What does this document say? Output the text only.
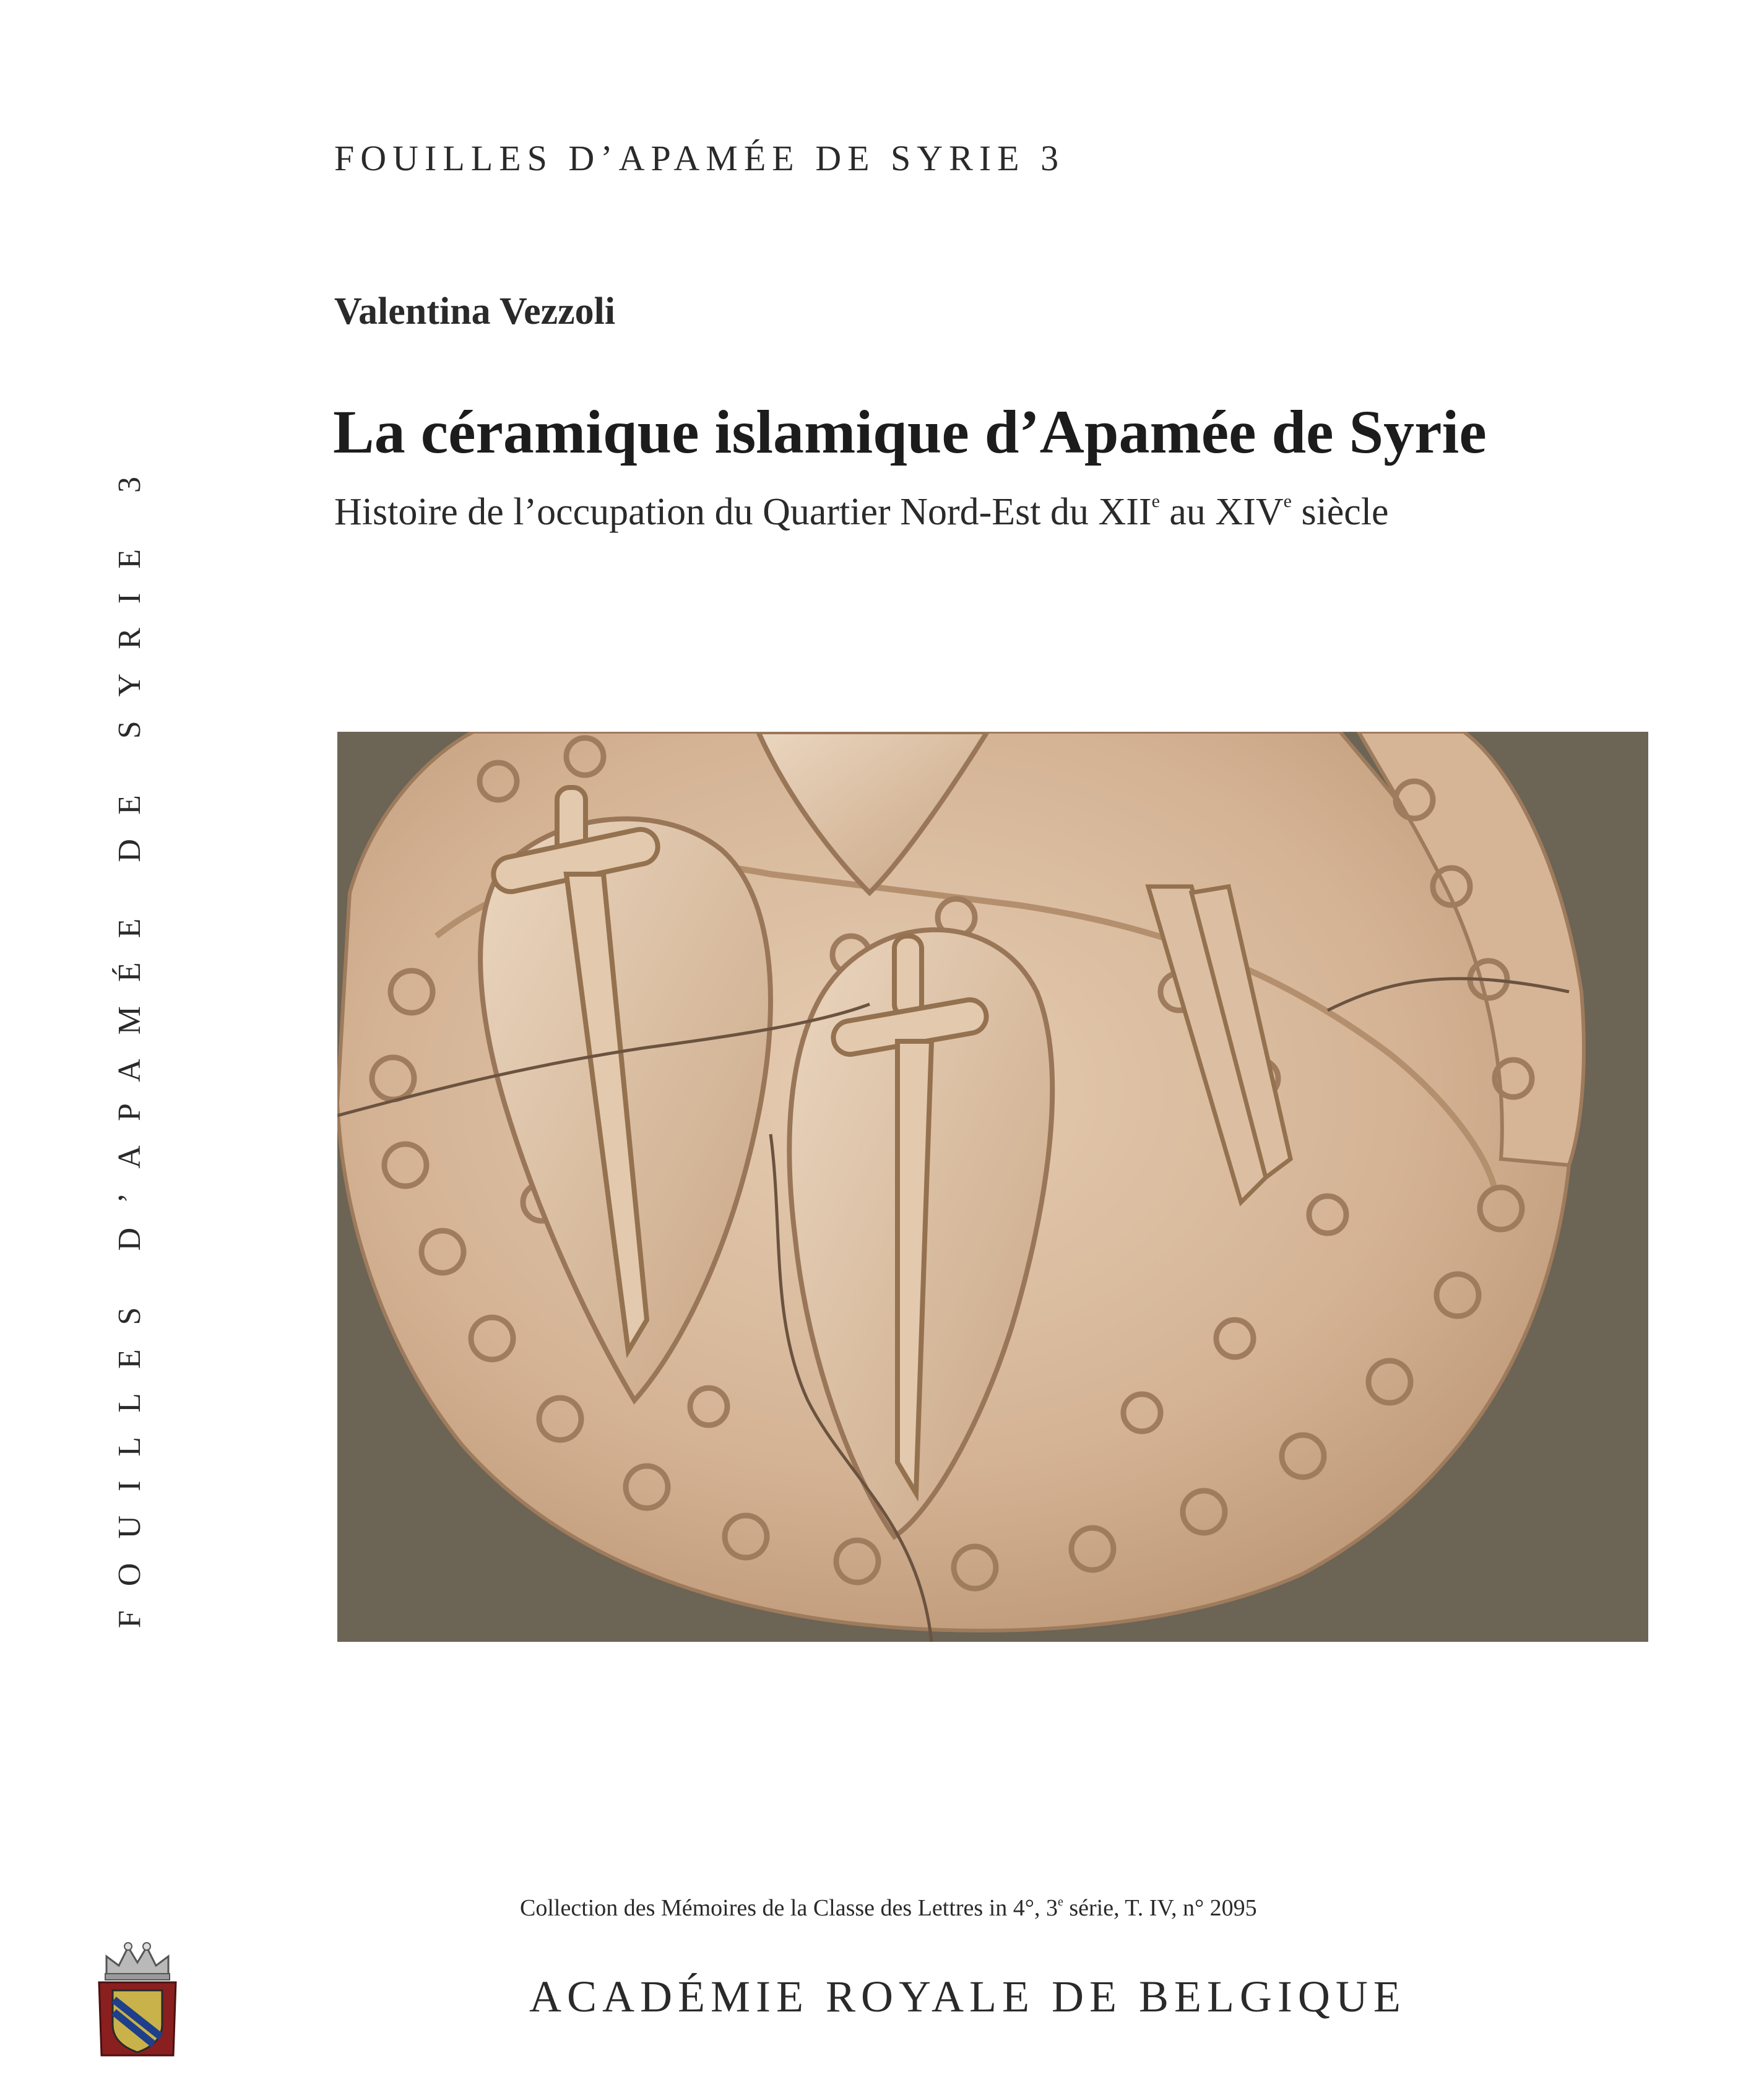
FOUILLES D’APAMÉE DE SYRIE 3
Valentina Vezzoli
La céramique islamique d’Apamée de Syrie
Histoire de l’occupation du Quartier Nord-Est du XIIe au XIVe siècle
FOUILLES D’APAMÉE DE SYRIE 3
Collection des Mémoires de la Classe des Lettres in 4°, 3e série, T. IV, n° 2095
ACADÉMIE ROYALE DE BELGIQUE
